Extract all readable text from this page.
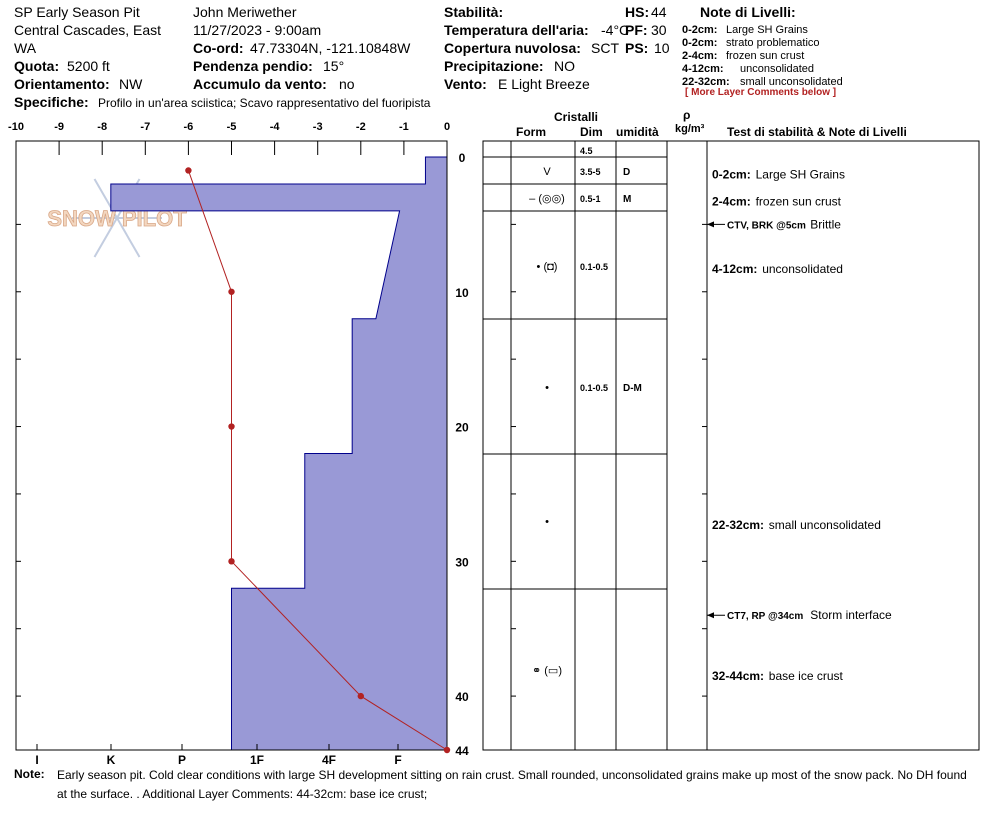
SP Early Season Pit
Central Cascades, East
WA
Quota: 5200 ft
Orientamento: NW
Specifiche: Profilo in un'area sciistica; Scavo rappresentativo del fuoripista
John Meriwether
11/27/2023 - 9:00am
Co-ord: 47.73304N, -121.10848W
Pendenza pendio: 15°
Accumulo da vento: no
Stabilità:
Temperatura dell'aria: -4°C
Copertura nuvolosa: SCT
Precipitazione: NO
Vento: E Light Breeze
HS: 44
PF: 30
PS: 10
Note di Livelli:
0-2cm: Large SH Grains
0-2cm: strato problematico
2-4cm: frozen sun crust
4-12cm: unconsolidated
22-32cm: small unconsolidated
[ More Layer Comments below ]
SNOW PILOT
-10	-9	-8	-7	-6	-5	-4	-3	-2	-1	0
0
10
20
30
40
44
I	K	P	1F	4F	F
4.5
V	3.5-5 D
– (◎◎) 0.5-1 M
• (◘)	0.1-0.5
•	0.1-0.5 D-M
•
⚭ (▭)
0-2cm: Large SH Grains
2-4cm: frozen sun crust
CTV, BRK @5cm Brittle
4-12cm: unconsolidated
22-32cm: small unconsolidated
CT7, RP @34cm Storm interface
32-44cm: base ice crust
Cristalli
Form	Dim umidità
ρ
kg/m³ Test di stabilità & Note di Livelli
Note: Early season pit. Cold clear conditions with large SH development sitting on rain crust. Small rounded, unconsolidated grains make up most of the snow pack. No DH found
at the surface. . Additional Layer Comments: 44-32cm: base ice crust;
